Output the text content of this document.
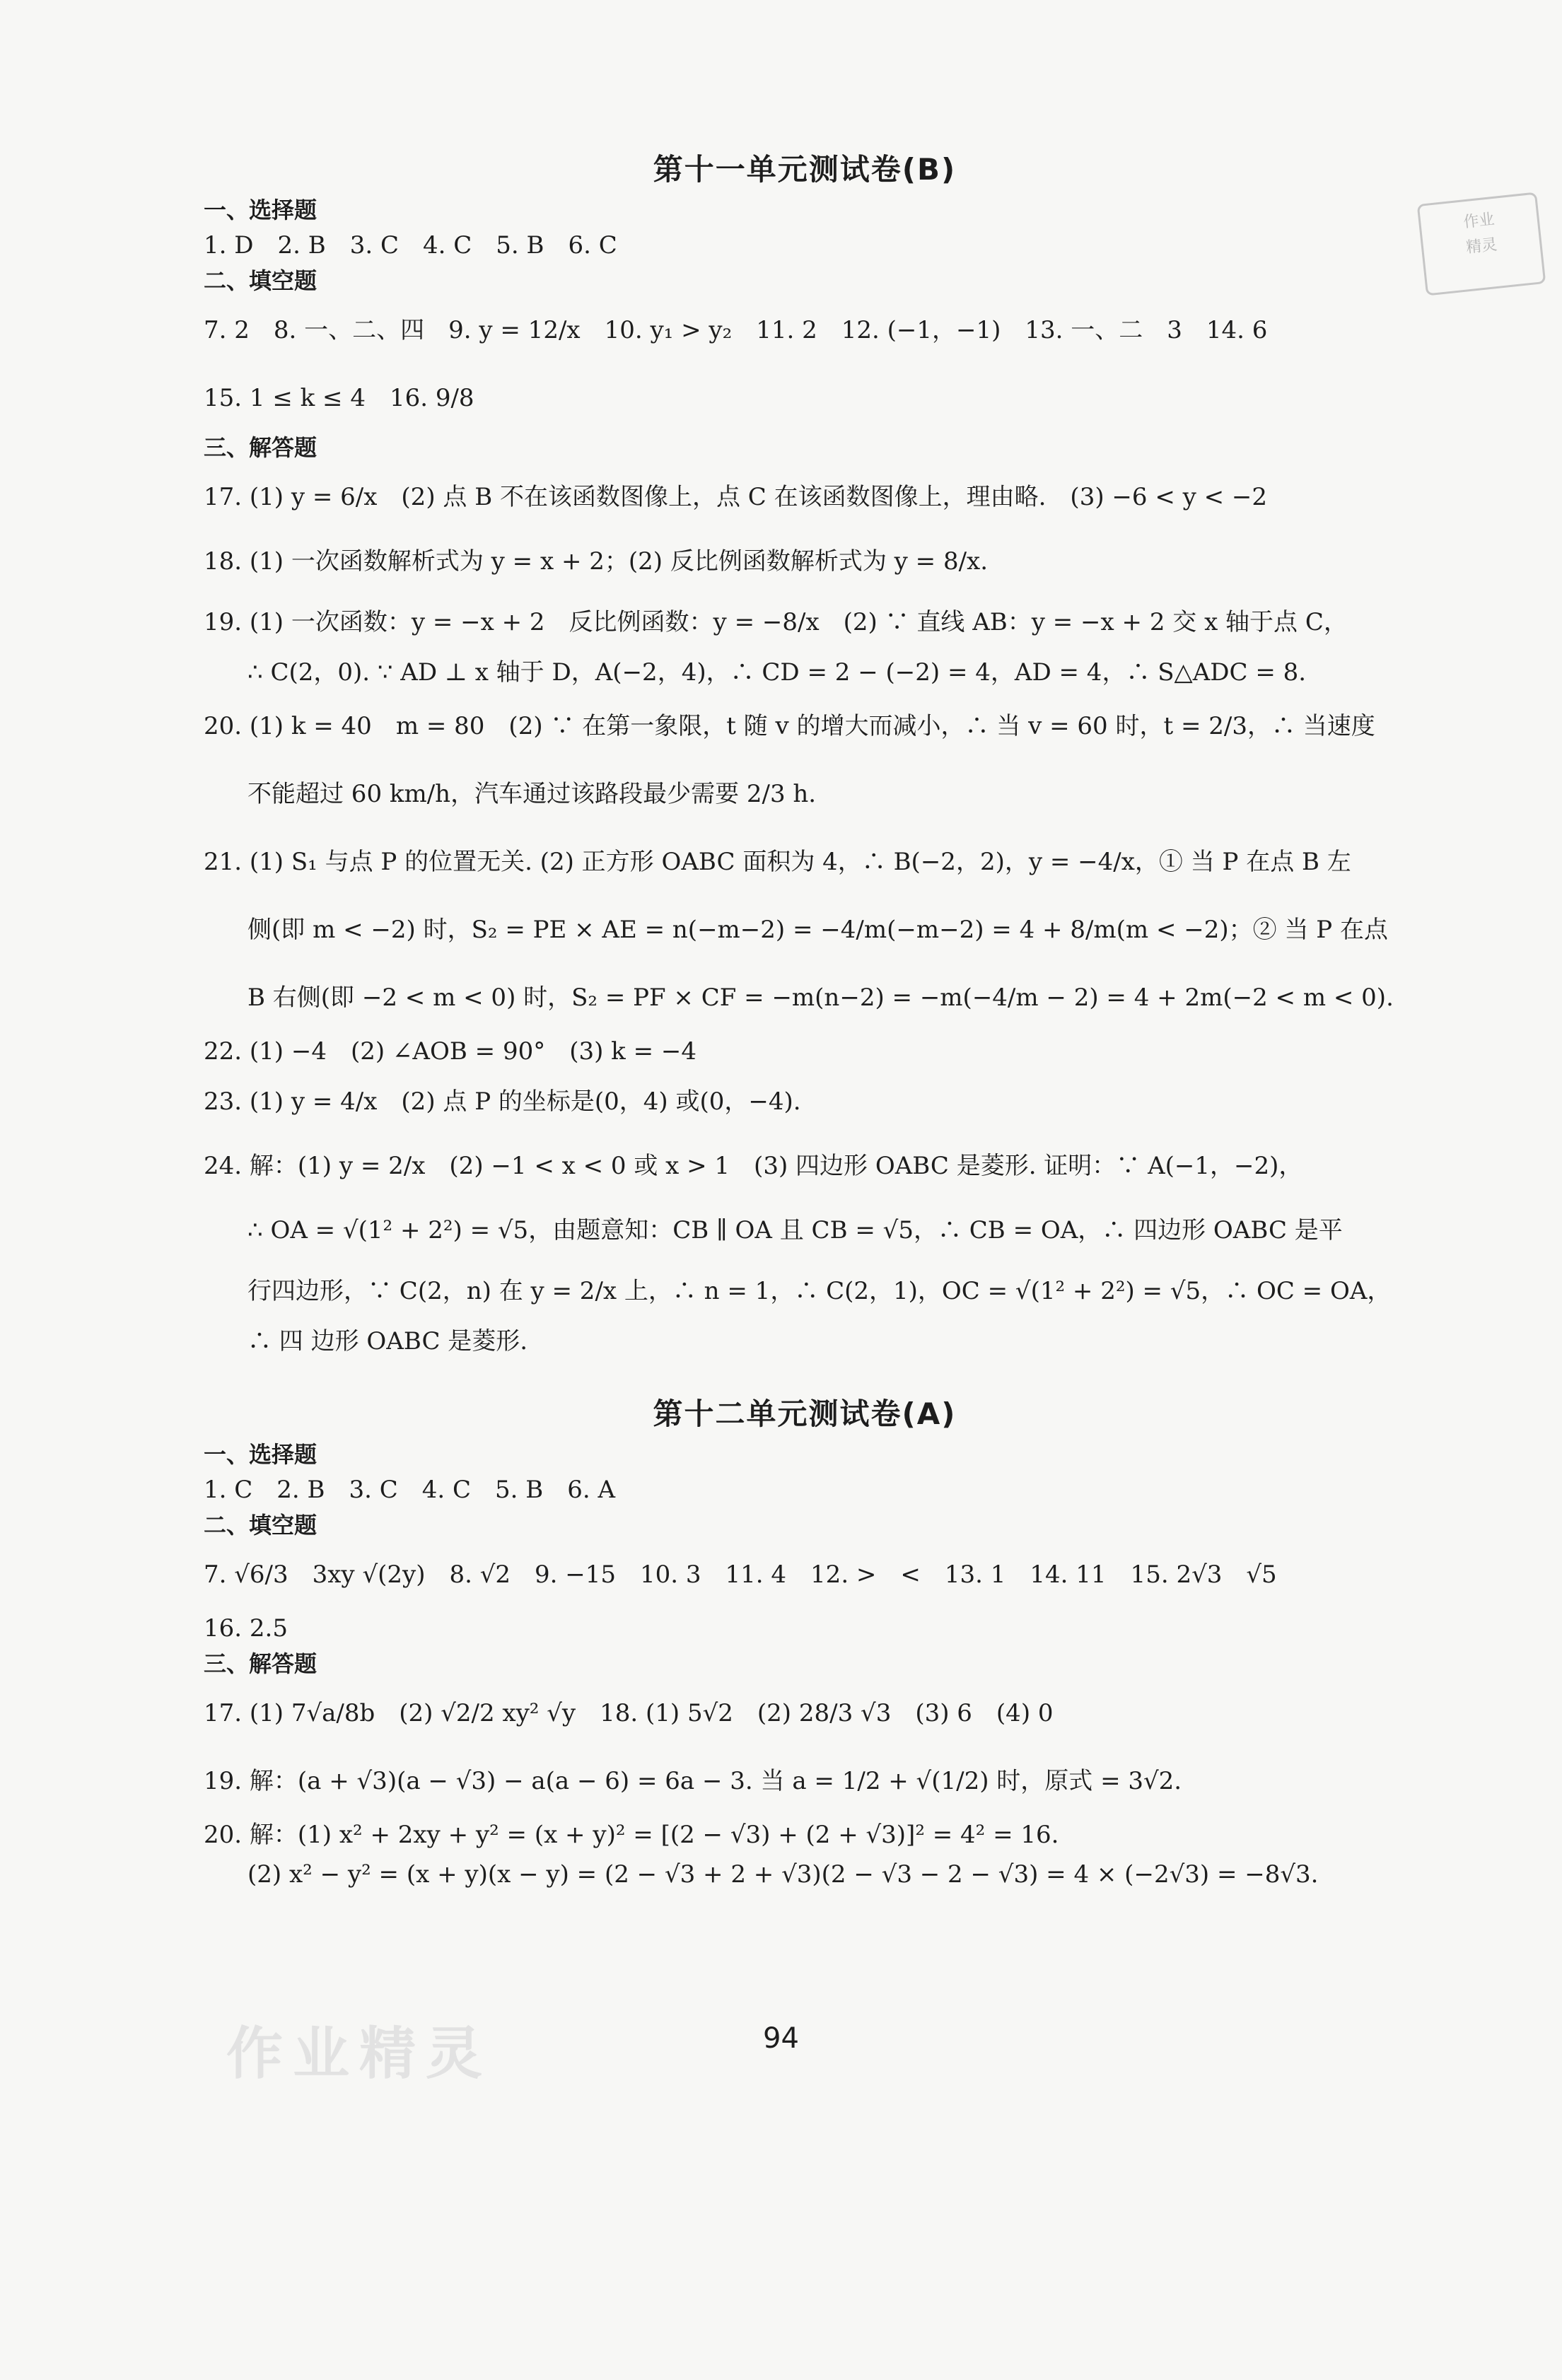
作业
精灵
作业精灵
第十一单元测试卷(B)
一、选择题
1. D　2. B　3. C　4. C　5. B　6. C
二、填空题
7. 2　8. 一、二、四　9. y = 12/x　10. y₁ > y₂　11. 2　12. (−1，−1)　13. 一、二　3　14. 6
15. 1 ≤ k ≤ 4　16. 9/8
三、解答题
17. (1) y = 6/x　(2) 点 B 不在该函数图像上，点 C 在该函数图像上，理由略.　(3) −6 < y < −2
18. (1) 一次函数解析式为 y = x + 2；(2) 反比例函数解析式为 y = 8/x.
19. (1) 一次函数：y = −x + 2　反比例函数：y = −8/x　(2) ∵ 直线 AB：y = −x + 2 交 x 轴于点 C，
∴ C(2，0). ∵ AD ⊥ x 轴于 D，A(−2，4)，∴ CD = 2 − (−2) = 4，AD = 4，∴ S△ADC = 8.
20. (1) k = 40　m = 80　(2) ∵ 在第一象限，t 随 v 的增大而减小，∴ 当 v = 60 时，t = 2/3，∴ 当速度
不能超过 60 km/h，汽车通过该路段最少需要 2/3 h.
21. (1) S₁ 与点 P 的位置无关. (2) 正方形 OABC 面积为 4，∴ B(−2，2)，y = −4/x，① 当 P 在点 B 左
侧(即 m < −2) 时，S₂ = PE × AE = n(−m−2) = −4/m(−m−2) = 4 + 8/m(m < −2)；② 当 P 在点
B 右侧(即 −2 < m < 0) 时，S₂ = PF × CF = −m(n−2) = −m(−4/m − 2) = 4 + 2m(−2 < m < 0).
22. (1) −4　(2) ∠AOB = 90°　(3) k = −4
23. (1) y = 4/x　(2) 点 P 的坐标是(0，4) 或(0，−4).
24. 解：(1) y = 2/x　(2) −1 < x < 0 或 x > 1　(3) 四边形 OABC 是菱形. 证明：∵ A(−1，−2)，
∴ OA = √(1² + 2²) = √5，由题意知：CB ∥ OA 且 CB = √5，∴ CB = OA，∴ 四边形 OABC 是平
行四边形，∵ C(2，n) 在 y = 2/x 上，∴ n = 1，∴ C(2，1)，OC = √(1² + 2²) = √5，∴ OC = OA，
∴ 四 边形 OABC 是菱形.
第十二单元测试卷(A)
一、选择题
1. C　2. B　3. C　4. C　5. B　6. A
二、填空题
7. √6/3　3xy √(2y)　8. √2　9. −15　10. 3　11. 4　12. >　<　13. 1　14. 11　15. 2√3　√5
16. 2.5
三、解答题
17. (1) 7√a/8b　(2) √2/2 xy² √y　18. (1) 5√2　(2) 28/3 √3　(3) 6　(4) 0
19. 解：(a + √3)(a − √3) − a(a − 6) = 6a − 3. 当 a = 1/2 + √(1/2) 时，原式 = 3√2.
20. 解：(1) x² + 2xy + y² = (x + y)² = [(2 − √3) + (2 + √3)]² = 4² = 16.
(2) x² − y² = (x + y)(x − y) = (2 − √3 + 2 + √3)(2 − √3 − 2 − √3) = 4 × (−2√3) = −8√3.
94
